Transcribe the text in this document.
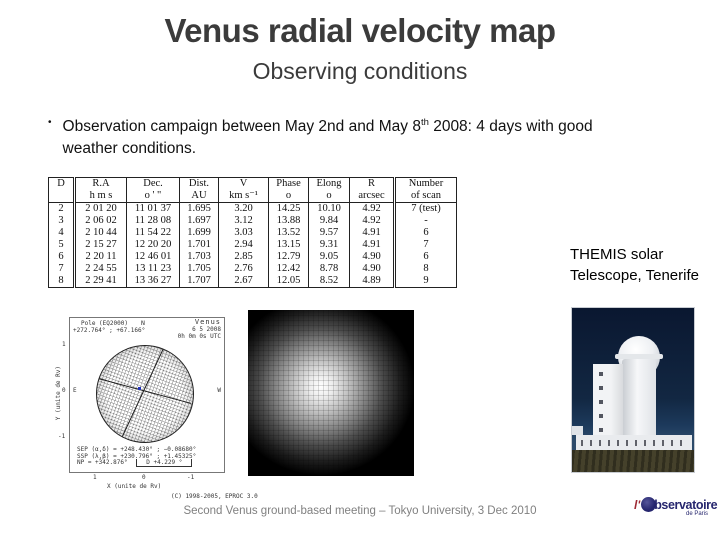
Venus radial velocity map
Observing conditions
• Observation campaign between May 2nd and May 8th 2008: 4 days with good weather conditions.
D	R.A	Dec.	Dist.	V	Phase	Elong	R	Number
	h m s	o ' "	AU	km s⁻¹	o	o	arcsec	of scan
2	2 01 20	11 01 37	1.695	3.20	14.25	10.10	4.92	7 (test)
3	2 06 02	11 28 08	1.697	3.12	13.88	9.84	4.92	-
4	2 10 44	11 54 22	1.699	3.03	13.52	9.57	4.91	6
5	2 15 27	12 20 20	1.701	2.94	13.15	9.31	4.91	7
6	2 20 11	12 46 01	1.703	2.85	12.79	9.05	4.90	6
7	2 24 55	13 11 23	1.705	2.76	12.42	8.78	4.90	8
8	2 29 41	13 36 27	1.707	2.67	12.05	8.52	4.89	9
THEMIS solar
Telescope, Tenerife
Pole (EQ2000)
+272.764° ; +67.166°
N	Venus
6 5 2008
0h 0m 0s UTC
E	W
1
0
-1
Y (unite de Rv)
1	0	-1
X (unite de Rv)
SEP (α,δ) = +248.430° ; −0.08680°
SSP (λ,β) = +230.796° ; +1.45325°
NP = +342.876°	D +4.229 °
(C) 1998-2005, EPROC 3.0
Second Venus ground-based meeting – Tokyo University, 3 Dec 2010	l' bservatoire
de Paris
